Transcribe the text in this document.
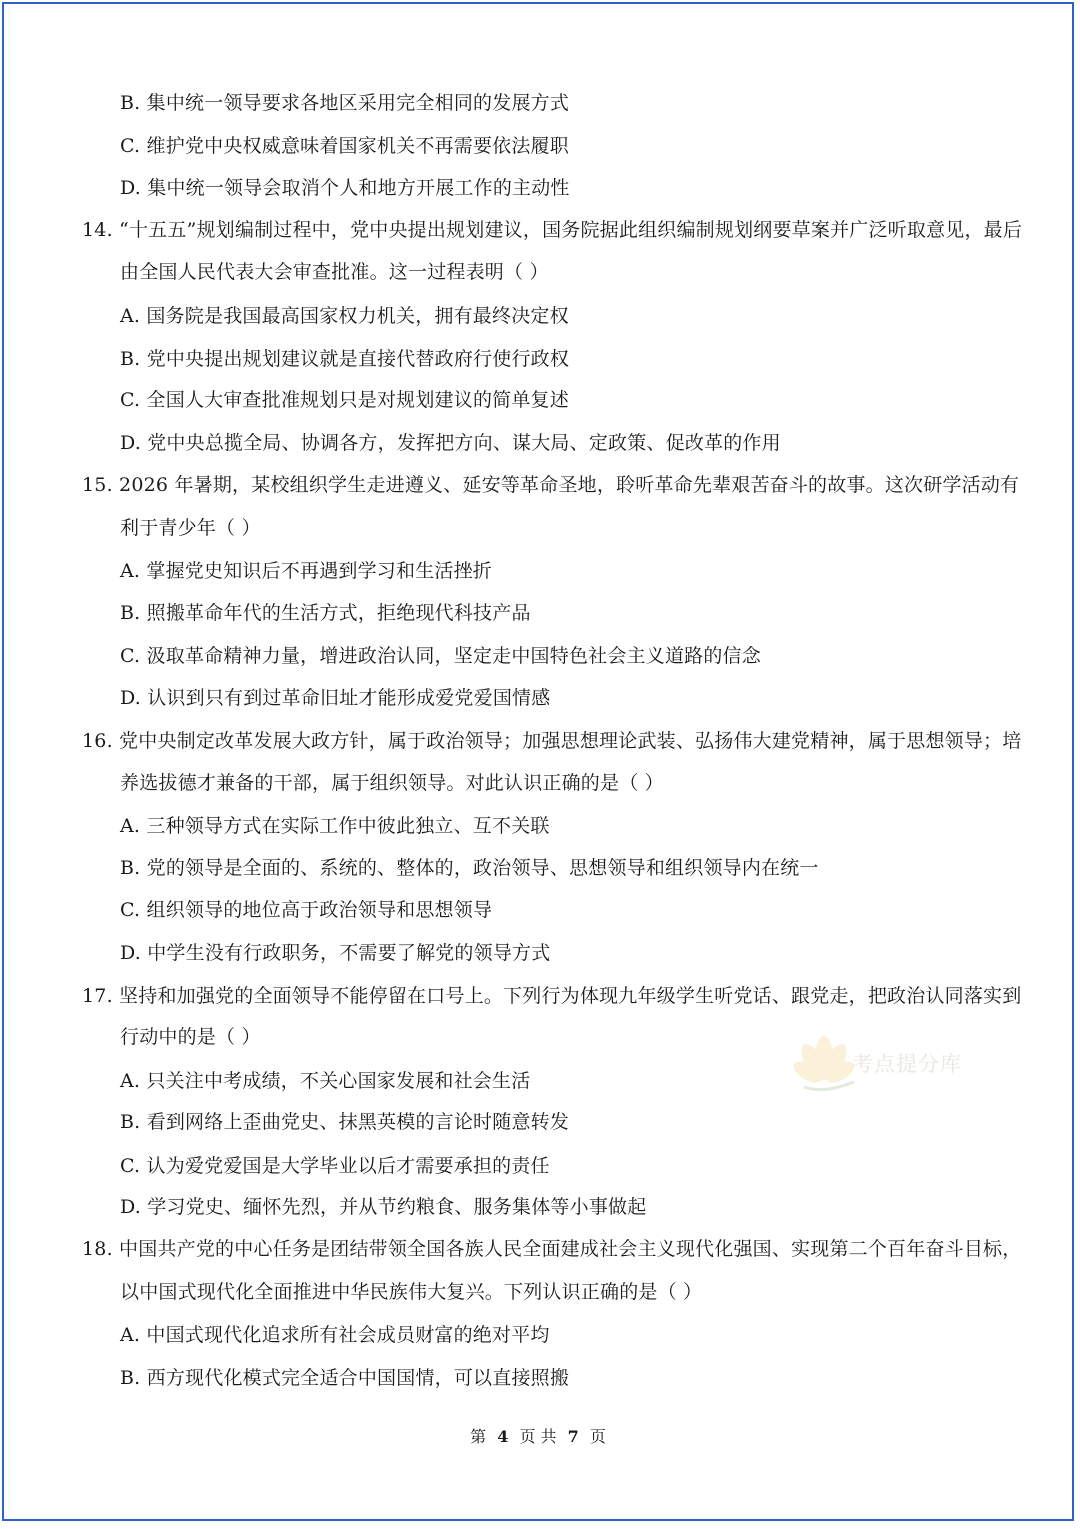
B. 集中统一领导要求各地区采用完全相同的发展方式
C. 维护党中央权威意味着国家机关不再需要依法履职
D. 集中统一领导会取消个人和地方开展工作的主动性
14. “十五五”规划编制过程中，党中央提出规划建议，国务院据此组织编制规划纲要草案并广泛听取意见，最后
由全国人民代表大会审查批准。这一过程表明（ ）
A. 国务院是我国最高国家权力机关，拥有最终决定权
B. 党中央提出规划建议就是直接代替政府行使行政权
C. 全国人大审查批准规划只是对规划建议的简单复述
D. 党中央总揽全局、协调各方，发挥把方向、谋大局、定政策、促改革的作用
15. 2026 年暑期，某校组织学生走进遵义、延安等革命圣地，聆听革命先辈艰苦奋斗的故事。这次研学活动有
利于青少年（ ）
A. 掌握党史知识后不再遇到学习和生活挫折
B. 照搬革命年代的生活方式，拒绝现代科技产品
C. 汲取革命精神力量，增进政治认同，坚定走中国特色社会主义道路的信念
D. 认识到只有到过革命旧址才能形成爱党爱国情感
16. 党中央制定改革发展大政方针，属于政治领导；加强思想理论武装、弘扬伟大建党精神，属于思想领导；培
养选拔德才兼备的干部，属于组织领导。对此认识正确的是（ ）
A. 三种领导方式在实际工作中彼此独立、互不关联
B. 党的领导是全面的、系统的、整体的，政治领导、思想领导和组织领导内在统一
C. 组织领导的地位高于政治领导和思想领导
D. 中学生没有行政职务，不需要了解党的领导方式
17. 坚持和加强党的全面领导不能停留在口号上。下列行为体现九年级学生听党话、跟党走，把政治认同落实到
行动中的是（ ）
A. 只关注中考成绩，不关心国家发展和社会生活
B. 看到网络上歪曲党史、抹黑英模的言论时随意转发
C. 认为爱党爱国是大学毕业以后才需要承担的责任
D. 学习党史、缅怀先烈，并从节约粮食、服务集体等小事做起
18. 中国共产党的中心任务是团结带领全国各族人民全面建成社会主义现代化强国、实现第二个百年奋斗目标，
以中国式现代化全面推进中华民族伟大复兴。下列认识正确的是（ ）
A. 中国式现代化追求所有社会成员财富的绝对平均
B. 西方现代化模式完全适合中国国情，可以直接照搬
考点提分库
第 4 页 共 7 页
